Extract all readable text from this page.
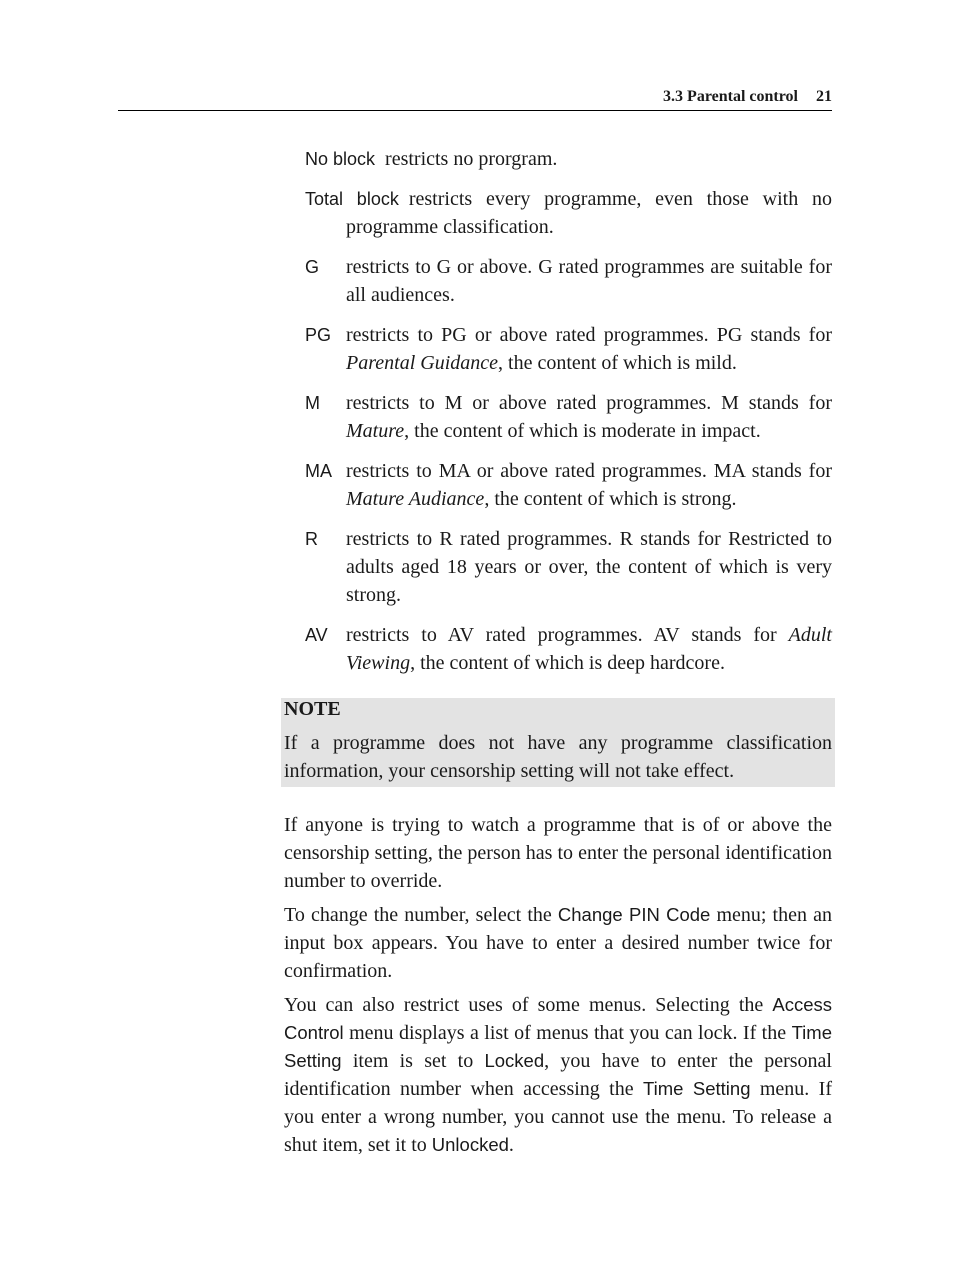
3.3 Parental control 21
No block restricts no prorgram.
Total block restricts every programme, even those with no programme classification.
G restricts to G or above. G rated programmes are suitable for all audiences.
PG restricts to PG or above rated programmes. PG stands for Parental Guidance, the content of which is mild.
M restricts to M or above rated programmes. M stands for Mature, the content of which is moderate in impact.
MA restricts to MA or above rated programmes. MA stands for Mature Audiance, the content of which is strong.
R restricts to R rated programmes. R stands for Restricted to adults aged 18 years or over, the content of which is very strong.
AV restricts to AV rated programmes. AV stands for Adult Viewing, the content of which is deep hardcore.
NOTE
If a programme does not have any programme classification information, your censorship setting will not take effect.

If anyone is trying to watch a programme that is of or above the censorship setting, the person has to enter the personal identification number to override.

To change the number, select the Change PIN Code menu; then an input box appears. You have to enter a desired number twice for confirmation.

You can also restrict uses of some menus. Selecting the Access Control menu displays a list of menus that you can lock. If the Time Setting item is set to Locked, you have to enter the personal identification number when accessing the Time Setting menu. If you enter a wrong number, you cannot use the menu. To release a shut item, set it to Unlocked.
